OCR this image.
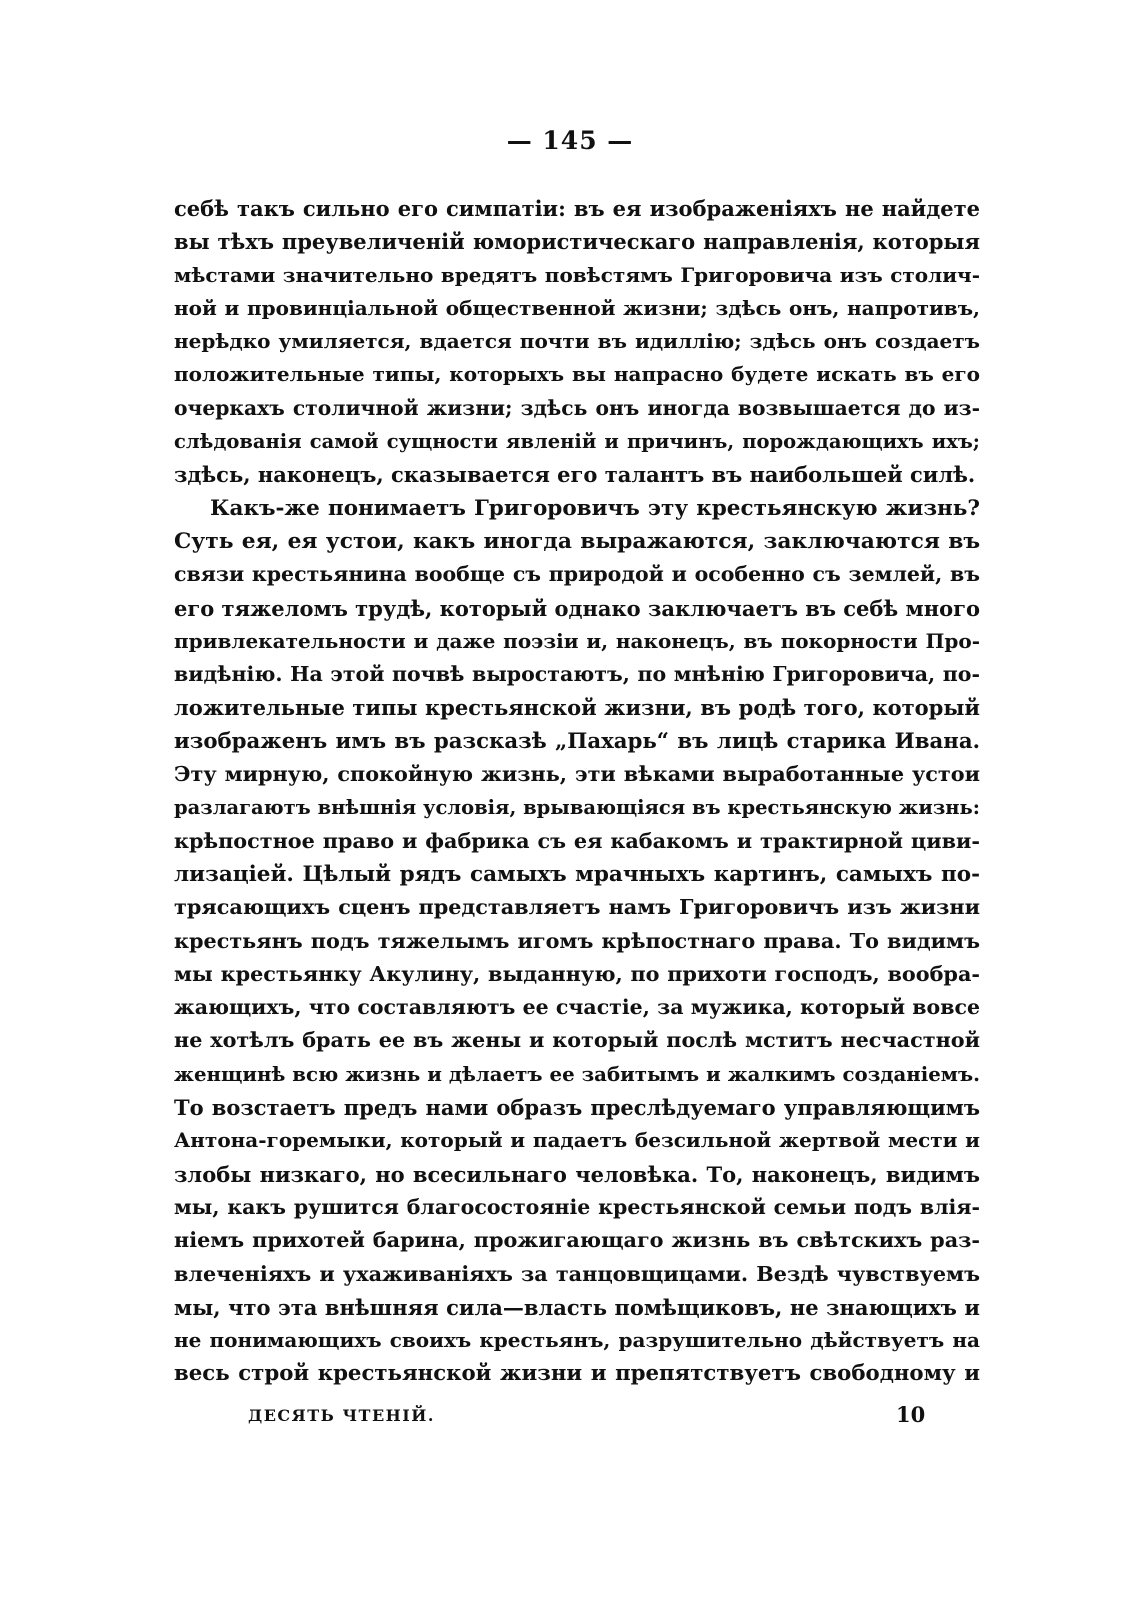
— 145 —
себѣ такъ сильно его симпатіи: въ ея изображеніяхъ не найдете
вы тѣхъ преувеличеній юмористическаго направленія, которыя
мѣстами значительно вредятъ повѣстямъ Григоровича изъ столич-
ной и провинціальной общественной жизни; здѣсь онъ, напротивъ,
нерѣдко умиляется, вдается почти въ идиллію; здѣсь онъ создаетъ
положительные типы, которыхъ вы напрасно будете искать въ его
очеркахъ столичной жизни; здѣсь онъ иногда возвышается до из-
слѣдованія самой сущности явленій и причинъ, порождающихъ ихъ;
здѣсь, наконецъ, сказывается его талантъ въ наибольшей силѣ.
Какъ-же понимаетъ Григоровичъ эту крестьянскую жизнь?
Суть ея, ея устои, какъ иногда выражаются, заключаются въ
связи крестьянина вообще съ природой и особенно съ землей, въ
его тяжеломъ трудѣ, который однако заключаетъ въ себѣ много
привлекательности и даже поэзіи и, наконецъ, въ покорности Про-
видѣнію. На этой почвѣ выростаютъ, по мнѣнію Григоровича, по-
ложительные типы крестьянской жизни, въ родѣ того, который
изображенъ имъ въ разсказѣ „Пахарь“ въ лицѣ старика Ивана.
Эту мирную, спокойную жизнь, эти вѣками выработанные устои
разлагаютъ внѣшнія условія, врывающіяся въ крестьянскую жизнь:
крѣпостное право и фабрика съ ея кабакомъ и трактирной циви-
лизаціей. Цѣлый рядъ самыхъ мрачныхъ картинъ, самыхъ по-
трясающихъ сценъ представляетъ намъ Григоровичъ изъ жизни
крестьянъ подъ тяжелымъ игомъ крѣпостнаго права. То видимъ
мы крестьянку Акулину, выданную, по прихоти господъ, вообра-
жающихъ, что составляютъ ее счастіе, за мужика, который вовсе
не хотѣлъ брать ее въ жены и который послѣ мститъ несчастной
женщинѣ всю жизнь и дѣлаетъ ее забитымъ и жалкимъ созданіемъ.
То возстаетъ предъ нами образъ преслѣдуемаго управляющимъ
Антона-горемыки, который и падаетъ безсильной жертвой мести и
злобы низкаго, но всесильнаго человѣка. То, наконецъ, видимъ
мы, какъ рушится благосостояніе крестьянской семьи подъ влія-
ніемъ прихотей барина, прожигающаго жизнь въ свѣтскихъ раз-
влеченіяхъ и ухаживаніяхъ за танцовщицами. Вездѣ чувствуемъ
мы, что эта внѣшняя сила—власть помѣщиковъ, не знающихъ и
не понимающихъ своихъ крестьянъ, разрушительно дѣйствуетъ на
весь строй крестьянской жизни и препятствуетъ свободному и
ДЕСЯТЬ ЧТЕНІЙ.	10
